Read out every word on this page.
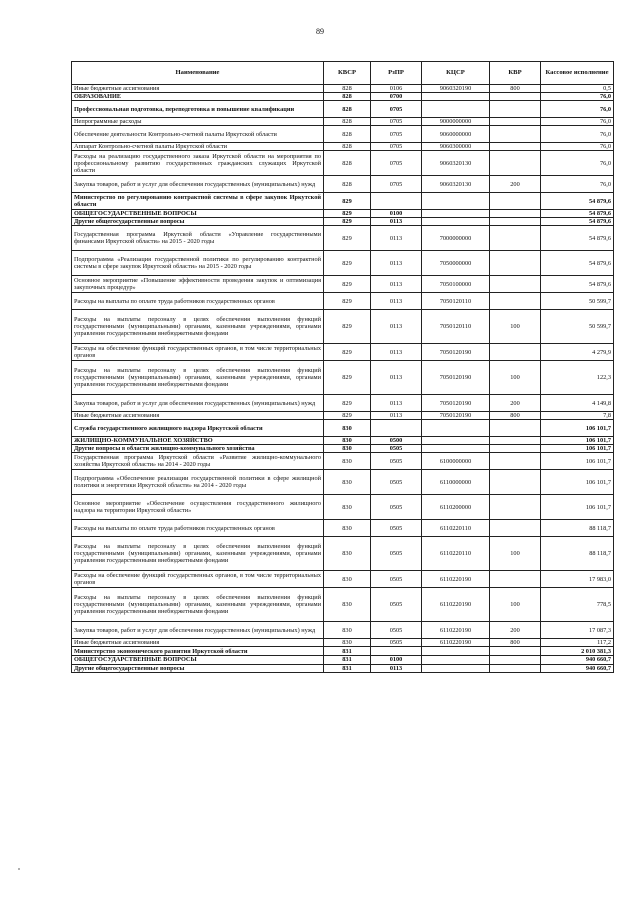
89
Наименование	КВСР	РзПР	КЦСР	КВР	Кассовое исполнение
Иные бюджетные ассигнования	828	0106	9060320190	800	0,5
ОБРАЗОВАНИЕ	828	0700			76,0
Профессиональная подготовка, переподготовка и повышение квалификации	828	0705			76,0
Непрограммные расходы	828	0705	9000000000		76,0
Обеспечение деятельности Контрольно-счетной палаты Иркутской области	828	0705	9060000000		76,0
Аппарат Контрольно-счетной палаты Иркутской области	828	0705	9060300000		76,0
Расходы на реализацию государственного заказа Иркутской области на мероприятия по профессиональному развитию государственных гражданских служащих Иркутской области	828	0705	9060320130		76,0
Закупка товаров, работ и услуг для обеспечения государственных (муниципальных) нужд	828	0705	9060320130	200	76,0
Министерство по регулированию контрактной системы в сфере закупок Иркутской области	829				54 879,6
ОБЩЕГОСУДАРСТВЕННЫЕ ВОПРОСЫ	829	0100			54 879,6
Другие общегосударственные вопросы	829	0113			54 879,6
Государственная программа Иркутской области «Управление государственными финансами Иркутской области» на 2015 - 2020 годы	829	0113	7000000000		54 879,6
Подпрограмма «Реализация государственной политики по регулированию контрактной системы в сфере закупок Иркутской области» на 2015 - 2020 годы	829	0113	7050000000		54 879,6
Основное мероприятие «Повышение эффективности проведения закупок и оптимизация закупочных процедур»	829	0113	7050100000		54 879,6
Расходы на выплаты по оплате труда работников государственных органов	829	0113	7050120110		50 599,7
Расходы на выплаты персоналу в целях обеспечения выполнения функций государственными (муниципальными) органами, казенными учреждениями, органами управления государственными внебюджетными фондами	829	0113	7050120110	100	50 599,7
Расходы на обеспечение функций государственных органов, в том числе территориальных органов	829	0113	7050120190		4 279,9
Расходы на выплаты персоналу в целях обеспечения выполнения функций государственными (муниципальными) органами, казенными учреждениями, органами управления государственными внебюджетными фондами	829	0113	7050120190	100	122,3
Закупка товаров, работ и услуг для обеспечения государственных (муниципальных) нужд	829	0113	7050120190	200	4 149,8
Иные бюджетные ассигнования	829	0113	7050120190	800	7,8
Служба государственного жилищного надзора Иркутской области	830				106 101,7
ЖИЛИЩНО-КОММУНАЛЬНОЕ ХОЗЯЙСТВО	830	0500			106 101,7
Другие вопросы в области жилищно-коммунального хозяйства	830	0505			106 101,7
Государственная программа Иркутской области «Развитие жилищно-коммунального хозяйства Иркутской области» на 2014 - 2020 годы	830	0505	6100000000		106 101,7
Подпрограмма «Обеспечение реализации государственной политики в сфере жилищной политики и энергетики Иркутской области» на 2014 - 2020 годы	830	0505	6110000000		106 101,7
Основное мероприятие «Обеспечение осуществления государственного жилищного надзора на территории Иркутской области»	830	0505	6110200000		106 101,7
Расходы на выплаты по оплате труда работников государственных органов	830	0505	6110220110		88 118,7
Расходы на выплаты персоналу в целях обеспечения выполнения функций государственными (муниципальными) органами, казенными учреждениями, органами управления государственными внебюджетными фондами	830	0505	6110220110	100	88 118,7
Расходы на обеспечение функций государственных органов, в том числе территориальных органов	830	0505	6110220190		17 983,0
Расходы на выплаты персоналу в целях обеспечения выполнения функций государственными (муниципальными) органами, казенными учреждениями, органами управления государственными внебюджетными фондами	830	0505	6110220190	100	778,5
Закупка товаров, работ и услуг для обеспечения государственных (муниципальных) нужд	830	0505	6110220190	200	17 087,3
Иные бюджетные ассигнования	830	0505	6110220190	800	117,2
Министерство экономического развития Иркутской области	831				2 010 381,3
ОБЩЕГОСУДАРСТВЕННЫЕ ВОПРОСЫ	831	0100			940 660,7
Другие общегосударственные вопросы	831	0113			940 660,7
